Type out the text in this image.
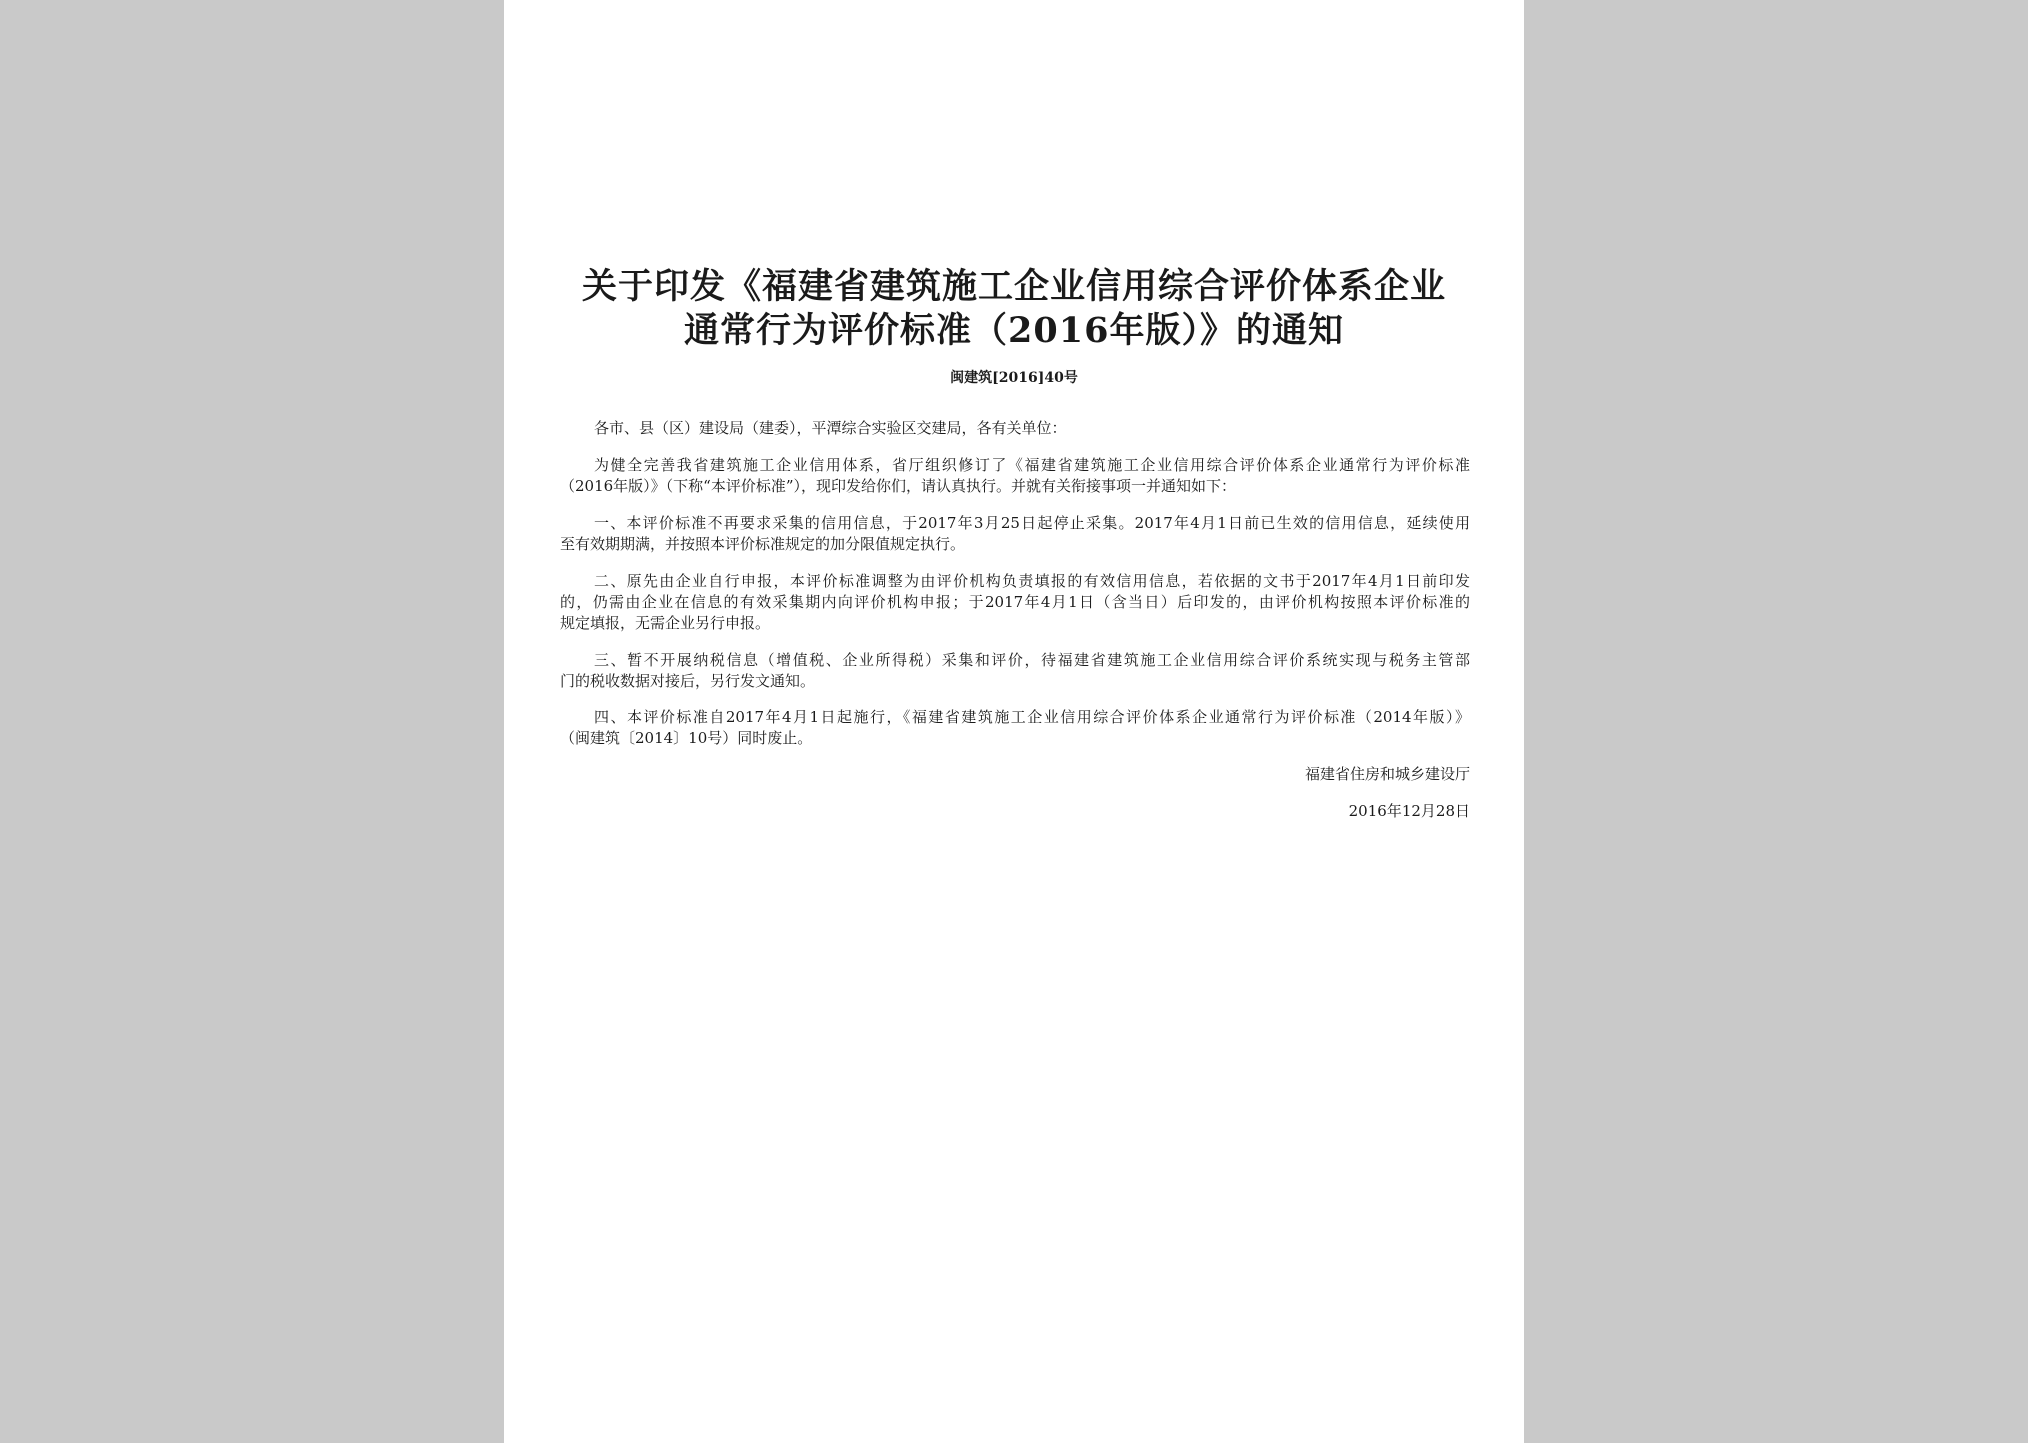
关于印发《福建省建筑施工企业信用综合评价体系企业
通常行为评价标准（2016年版）》的通知
闽建筑[2016]40号
各市、县（区）建设局（建委），平潭综合实验区交建局，各有关单位：
为健全完善我省建筑施工企业信用体系，省厅组织修订了《福建省建筑施工企业信用综合评价体系企业通常行为评价标准
（2016年版）》（下称“本评价标准”），现印发给你们，请认真执行。并就有关衔接事项一并通知如下：
一、本评价标准不再要求采集的信用信息，于2017年3月25日起停止采集。2017年4月1日前已生效的信用信息，延续使用
至有效期期满，并按照本评价标准规定的加分限值规定执行。
二、原先由企业自行申报，本评价标准调整为由评价机构负责填报的有效信用信息，若依据的文书于2017年4月1日前印发
的，仍需由企业在信息的有效采集期内向评价机构申报；于2017年4月1日（含当日）后印发的，由评价机构按照本评价标准的
规定填报，无需企业另行申报。
三、暂不开展纳税信息（增值税、企业所得税）采集和评价，待福建省建筑施工企业信用综合评价系统实现与税务主管部
门的税收数据对接后，另行发文通知。
四、本评价标准自2017年4月1日起施行，《福建省建筑施工企业信用综合评价体系企业通常行为评价标准（2014年版）》
（闽建筑〔2014〕10号）同时废止。
福建省住房和城乡建设厅
2016年12月28日
